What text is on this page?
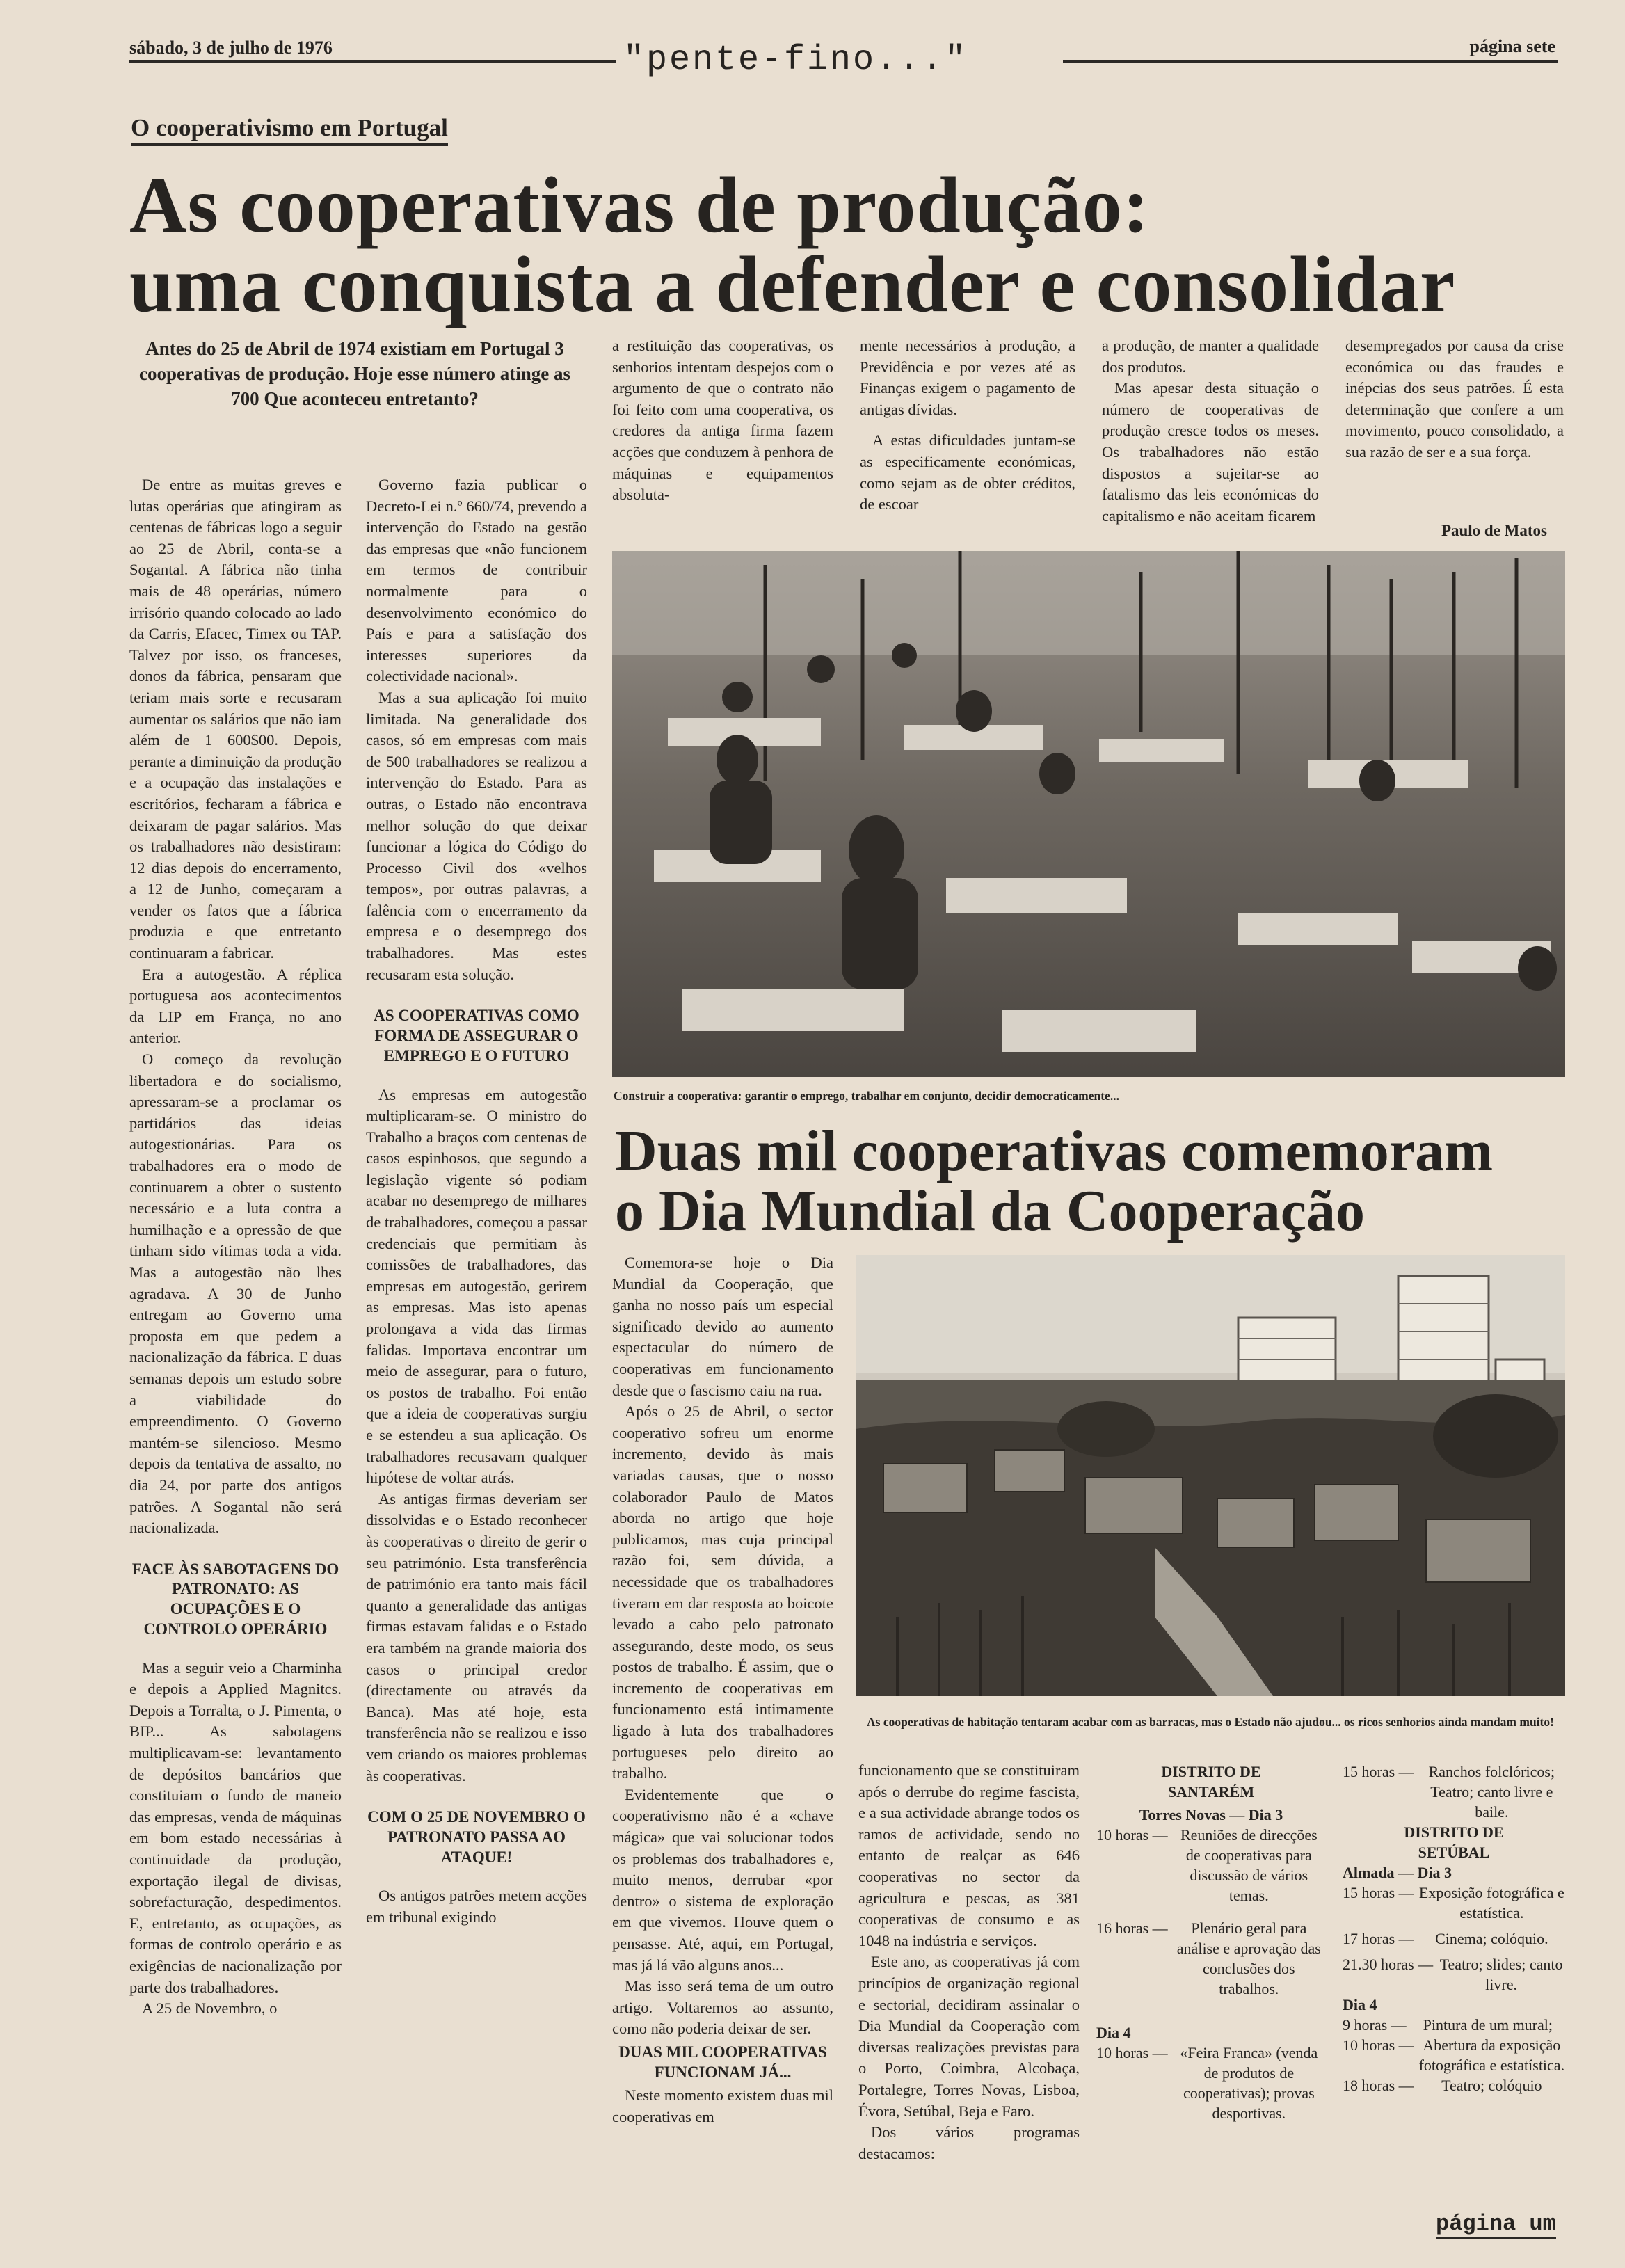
sábado, 3 de julho de 1976	"pente-fino..."	página sete
O cooperativismo em Portugal
As cooperativas de produção:
uma conquista a defender e consolidar
Antes do 25 de Abril de 1974 existiam em Portugal 3 cooperativas de produção. Hoje esse número atinge as 700 Que aconteceu entretanto?

De entre as muitas greves e lutas operárias que atingiram as centenas de fábricas logo a seguir ao 25 de Abril, conta-se a Sogantal. A fábrica não tinha mais de 48 operárias, número irrisório quando colocado ao lado da Carris, Efacec, Timex ou TAP. Talvez por isso, os franceses, donos da fábrica, pensaram que teriam mais sorte e recusaram aumentar os salários que não iam além de 1 600$00. Depois, perante a diminuição da produção e a ocupação das instalações e escritórios, fecharam a fábrica e deixaram de pagar salários. Mas os trabalhadores não desistiram: 12 dias depois do encerramento, a 12 de Junho, começaram a vender os fatos que a fábrica produzia e que entretanto continuaram a fabricar.

Era a autogestão. A réplica portuguesa aos acontecimentos da LIP em França, no ano anterior.

O começo da revolução libertadora e do socialismo, apressaram-se a proclamar os partidários das ideias autogestionárias. Para os trabalhadores era o modo de continuarem a obter o sustento necessário e a luta contra a humilhação e a opressão de que tinham sido vítimas toda a vida. Mas a autogestão não lhes agradava. A 30 de Junho entregam ao Governo uma proposta em que pedem a nacionalização da fábrica. E duas semanas depois um estudo sobre a viabilidade do empreendimento. O Governo mantém-se silencioso. Mesmo depois da tentativa de assalto, no dia 24, por parte dos antigos patrões. A Sogantal não será nacionalizada.

FACE ÀS SABOTAGENS DO PATRONATO: AS OCUPAÇÕES E O CONTROLO OPERÁRIO

Mas a seguir veio a Charminha e depois a Applied Magnitcs. Depois a Torralta, o J. Pimenta, o BIP... As sabotagens multiplicavam-se: levantamento de depósitos bancários que constituiam o fundo de maneio das empresas, venda de máquinas em bom estado necessárias à continuidade da produção, exportação ilegal de divisas, sobrefacturação, despedimentos. E, entretanto, as ocupações, as formas de controlo operário e as exigências de nacionalização por parte dos trabalhadores.

A 25 de Novembro, o

Governo fazia publicar o Decreto-Lei n.º 660/74, prevendo a intervenção do Estado na gestão das empresas que «não funcionem em termos de contribuir normalmente para o desenvolvimento económico do País e para a satisfação dos interesses superiores da colectividade nacional».

Mas a sua aplicação foi muito limitada. Na generalidade dos casos, só em empresas com mais de 500 trabalhadores se realizou a intervenção do Estado. Para as outras, o Estado não encontrava melhor solução do que deixar funcionar a lógica do Código do Processo Civil dos «velhos tempos», por outras palavras, a falência com o encerramento da empresa e o desemprego dos trabalhadores. Mas estes recusaram esta solução.

AS COOPERATIVAS COMO FORMA DE ASSEGURAR O EMPREGO E O FUTURO

As empresas em autogestão multiplicaram-se. O ministro do Trabalho a braços com centenas de casos espinhosos, que segundo a legislação vigente só podiam acabar no desemprego de milhares de trabalhadores, começou a passar credenciais que permitiam às comissões de trabalhadores, das empresas em autogestão, gerirem as empresas. Mas isto apenas prolongava a vida das firmas falidas. Importava encontrar um meio de assegurar, para o futuro, os postos de trabalho. Foi então que a ideia de cooperativas surgiu e se estendeu a sua aplicação. Os trabalhadores recusavam qualquer hipótese de voltar atrás.

As antigas firmas deveriam ser dissolvidas e o Estado reconhecer às cooperativas o direito de gerir o seu património. Esta transferência de património era tanto mais fácil quanto a generalidade das antigas firmas estavam falidas e o Estado era também na grande maioria dos casos o principal credor (directamente ou através da Banca). Mas até hoje, esta transferência não se realizou e isso vem criando os maiores problemas às cooperativas.

COM O 25 DE NOVEMBRO O PATRONATO PASSA AO ATAQUE!

Os antigos patrões metem acções em tribunal exigindo

a restituição das cooperativas, os senhorios intentam despejos com o argumento de que o contrato não foi feito com uma cooperativa, os credores da antiga firma fazem acções que conduzem à penhora de máquinas e equipamentos absoluta-

mente necessários à produção, a Previdência e por vezes até as Finanças exigem o pagamento de antigas dívidas.

A estas dificuldades juntam-se as especificamente económicas, como sejam as de obter créditos, de escoar

a produção, de manter a qualidade dos produtos.

Mas apesar desta situação o número de cooperativas de produção cresce todos os meses. Os trabalhadores não estão dispostos a sujeitar-se ao fatalismo das leis económicas do capitalismo e não aceitam ficarem

desempregados por causa da crise económica ou das fraudes e inépcias dos seus patrões. É esta determinação que confere a um movimento, pouco consolidado, a sua razão de ser e a sua força.

Paulo de Matos
Construir a cooperativa: garantir o emprego, trabalhar em conjunto, decidir democraticamente...
Duas mil cooperativas comemoram
o Dia Mundial da Cooperação

Comemora-se hoje o Dia Mundial da Cooperação, que ganha no nosso país um especial significado devido ao aumento espectacular do número de cooperativas em funcionamento desde que o fascismo caiu na rua.

Após o 25 de Abril, o sector cooperativo sofreu um enorme incremento, devido às mais variadas causas, que o nosso colaborador Paulo de Matos aborda no artigo que hoje publicamos, mas cuja principal razão foi, sem dúvida, a necessidade que os trabalhadores tiveram em dar resposta ao boicote levado a cabo pelo patronato assegurando, deste modo, os seus postos de trabalho. É assim, que o incremento de cooperativas em funcionamento está intimamente ligado à luta dos trabalhadores portugueses pelo direito ao trabalho.

Evidentemente que o cooperativismo não é a «chave mágica» que vai solucionar todos os problemas dos trabalhadores e, muito menos, derrubar «por dentro» o sistema de exploração em que vivemos. Houve quem o pensasse. Até, aqui, em Portugal, mas já lá vão alguns anos...

Mas isso será tema de um outro artigo. Voltaremos ao assunto, como não poderia deixar de ser.

DUAS MIL COOPERATIVAS FUNCIONAM JÁ...

Neste momento existem duas mil cooperativas em

As cooperativas de habitação tentaram acabar com as barracas, mas o Estado não ajudou... os ricos senhorios ainda mandam muito!

funcionamento que se constituiram após o derrube do regime fascista, e a sua actividade abrange todos os ramos de actividade, sendo no entanto de realçar as 646 cooperativas no sector da agricultura e pescas, as 381 cooperativas de consumo e as 1048 na indústria e serviços.

Este ano, as cooperativas já com princípios de organização regional e sectorial, decidiram assinalar o Dia Mundial da Cooperação com diversas realizações previstas para o Porto, Coimbra, Alcobaça, Portalegre, Torres Novas, Lisboa, Évora, Setúbal, Beja e Faro.

Dos vários programas destacamos:

DISTRITO DE SANTARÉM
Torres Novas — Dia 3
10 horas — Reuniões de direcções de cooperativas para discussão de vários temas.
16 horas —	Plenário geral para análise e aprovação das conclusões dos trabalhos.
Dia 4
10 horas — «Feira Franca» (venda de produtos de cooperativas); provas desportivas.
15 horas — Ranchos folclóricos; Teatro; canto livre e baile.
DISTRITO DE SETÚBAL
Almada — Dia 3
15 horas — Exposição fotográfica e estatística.
17 horas —	Cinema; colóquio.
21.30 horas — Teatro; slides; canto livre.
Dia 4
9 horas —	Pintura de um mural;
10 horas — Abertura da exposição fotográfica e estatística.
18 horas —	Teatro; colóquio
página um
